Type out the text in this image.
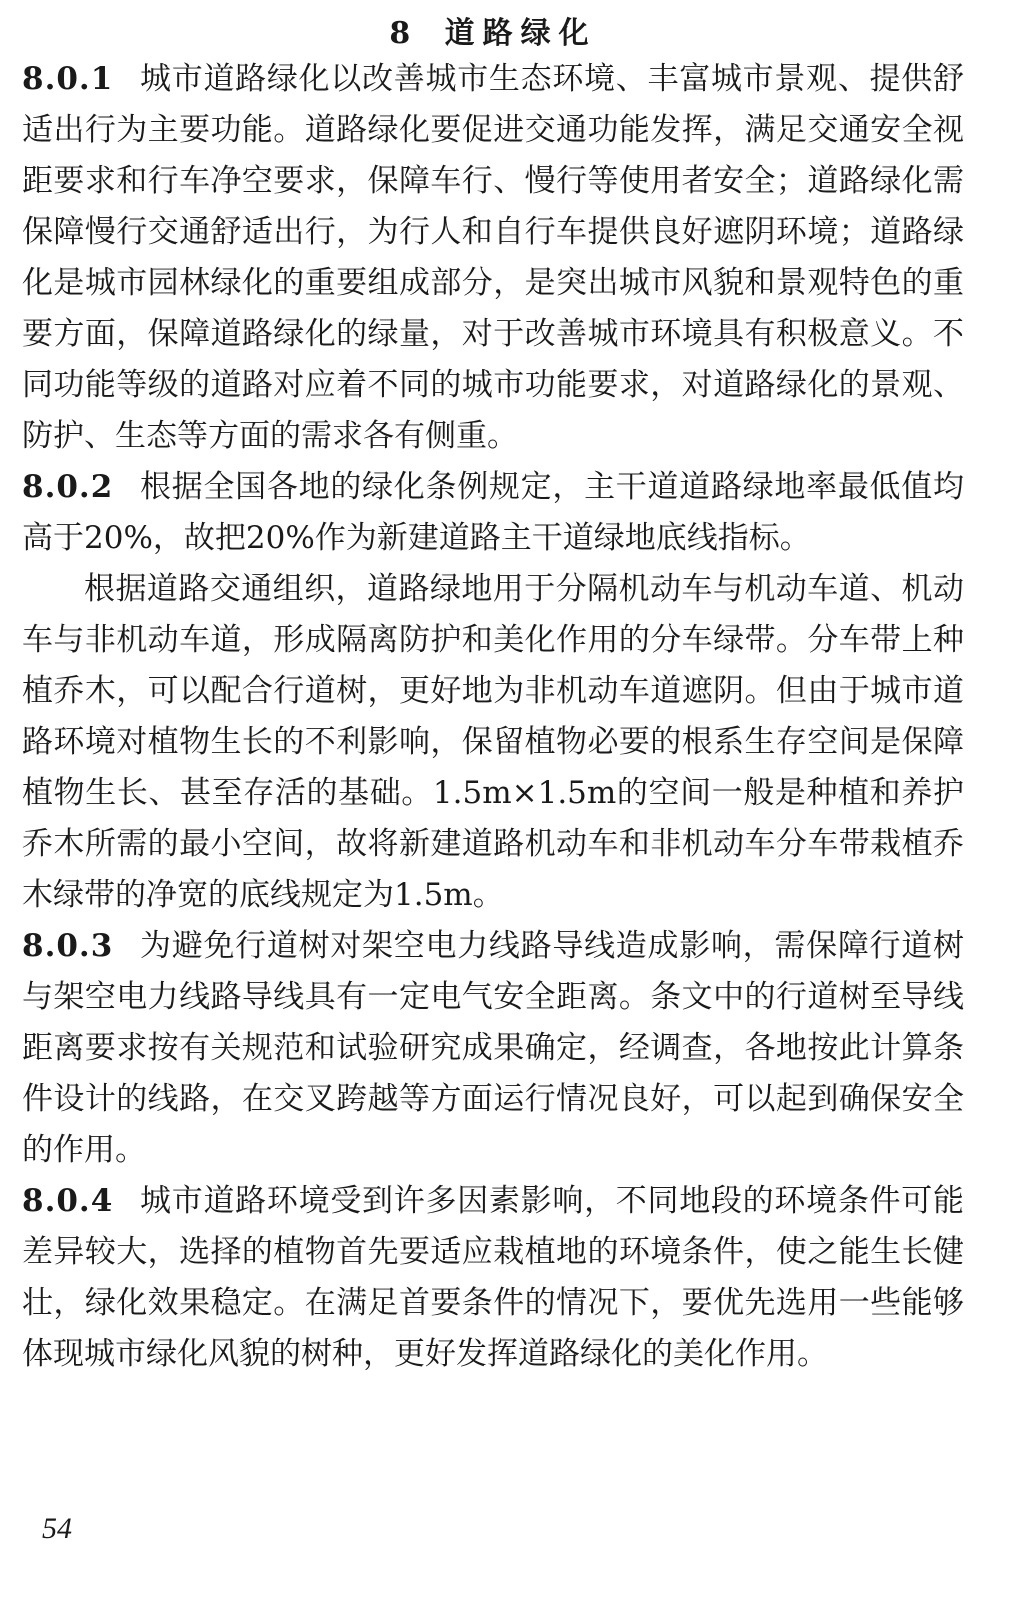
8 道路绿化

8.0.1 城市道路绿化以改善城市生态环境、丰富城市景观、提供舒适出行为主要功能。道路绿化要促进交通功能发挥，满足交通安全视距要求和行车净空要求，保障车行、慢行等使用者安全；道路绿化需保障慢行交通舒适出行，为行人和自行车提供良好遮阴环境；道路绿化是城市园林绿化的重要组成部分，是突出城市风貌和景观特色的重要方面，保障道路绿化的绿量，对于改善城市环境具有积极意义。不同功能等级的道路对应着不同的城市功能要求，对道路绿化的景观、防护、生态等方面的需求各有侧重。

8.0.2 根据全国各地的绿化条例规定，主干道道路绿地率最低值均高于20%，故把20%作为新建道路主干道绿地底线指标。

根据道路交通组织，道路绿地用于分隔机动车与机动车道、机动车与非机动车道，形成隔离防护和美化作用的分车绿带。分车带上种植乔木，可以配合行道树，更好地为非机动车道遮阴。但由于城市道路环境对植物生长的不利影响，保留植物必要的根系生存空间是保障植物生长、甚至存活的基础。1.5m×1.5m的空间一般是种植和养护乔木所需的最小空间，故将新建道路机动车和非机动车分车带栽植乔木绿带的净宽的底线规定为1.5m。

8.0.3 为避免行道树对架空电力线路导线造成影响，需保障行道树与架空电力线路导线具有一定电气安全距离。条文中的行道树至导线距离要求按有关规范和试验研究成果确定，经调查，各地按此计算条件设计的线路，在交叉跨越等方面运行情况良好，可以起到确保安全的作用。

8.0.4 城市道路环境受到许多因素影响，不同地段的环境条件可能差异较大，选择的植物首先要适应栽植地的环境条件，使之能生长健壮，绿化效果稳定。在满足首要条件的情况下，要优先选用一些能够体现城市绿化风貌的树种，更好发挥道路绿化的美化作用。

54
